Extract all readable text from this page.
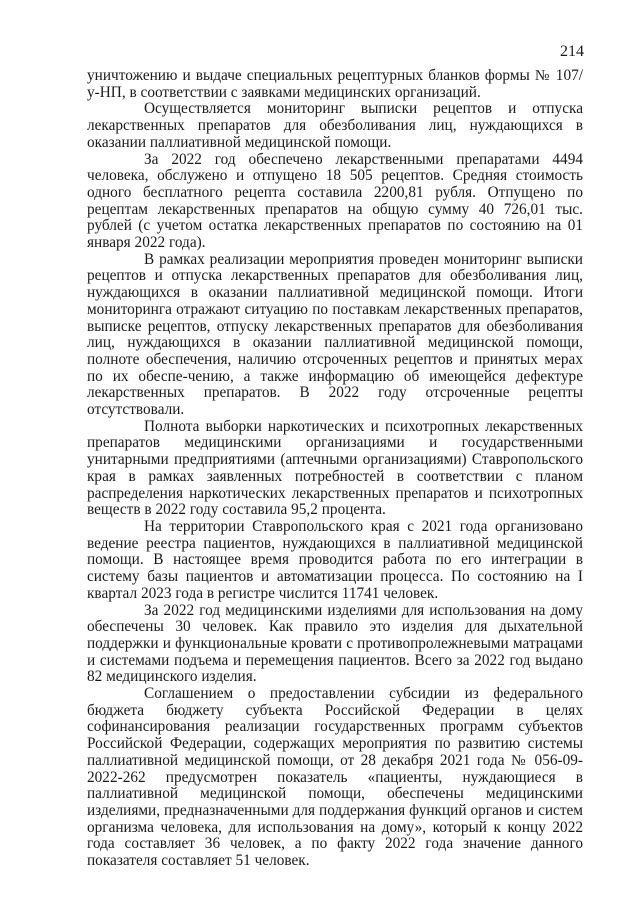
214

уничтожению и выдаче специальных рецептурных бланков формы № 107/у-НП, в соответствии с заявками медицинских организаций.

Осуществляется мониторинг выписки рецептов и отпуска лекарственных препаратов для обезболивания лиц, нуждающихся в оказании паллиативной медицинской помощи.

За 2022 год обеспечено лекарственными препаратами 4494 человека, обслужено и отпущено 18 505 рецептов. Средняя стоимость одного бесплатного рецепта составила 2200,81 рубля. Отпущено по рецептам лекарственных препаратов на общую сумму 40 726,01 тыс. рублей (с учетом остатка лекарственных препаратов по состоянию на 01 января 2022 года).

В рамках реализации мероприятия проведен мониторинг выписки рецептов и отпуска лекарственных препаратов для обезболивания лиц, нуждающихся в оказании паллиативной медицинской помощи. Итоги мониторинга отражают ситуацию по поставкам лекарственных препаратов, выписке рецептов, отпуску лекарственных препаратов для обезболивания лиц, нуждающихся в оказании паллиативной медицинской помощи, полноте обеспечения, наличию отсроченных рецептов и принятых мерах по их обеспе-чению, а также информацию об имеющейся дефектуре лекарственных препаратов. В 2022 году отсроченные рецепты отсутствовали.

Полнота выборки наркотических и психотропных лекарственных препаратов медицинскими организациями и государственными унитарными предприятиями (аптечными организациями) Ставропольского края в рамках заявленных потребностей в соответствии с планом распределения наркотических лекарственных препаратов и психотропных веществ в 2022 году составила 95,2 процента.

На территории Ставропольского края с 2021 года организовано ведение реестра пациентов, нуждающихся в паллиативной медицинской помощи. В настоящее время проводится работа по его интеграции в систему базы пациентов и автоматизации процесса. По состоянию на I квартал 2023 года в регистре числится 11741 человек.

За 2022 год медицинскими изделиями для использования на дому обеспечены 30 человек. Как правило это изделия для дыхательной поддержки и функциональные кровати с противопролежневыми матрацами и системами подъема и перемещения пациентов. Всего за 2022 год выдано 82 медицинского изделия.

Соглашением о предоставлении субсидии из федерального бюджета бюджету субъекта Российской Федерации в целях софинансирования реализации государственных программ субъектов Российской Федерации, содержащих мероприятия по развитию системы паллиативной медицинской помощи, от 28 декабря 2021 года № 056-09-2022-262 предусмотрен показатель «пациенты, нуждающиеся в паллиативной медицинской помощи, обеспечены медицинскими изделиями, предназначенными для поддержания функций органов и систем организма человека, для использования на дому», который к концу 2022 года составляет 36 человек, а по факту 2022 года значение данного показателя составляет 51 человек.
